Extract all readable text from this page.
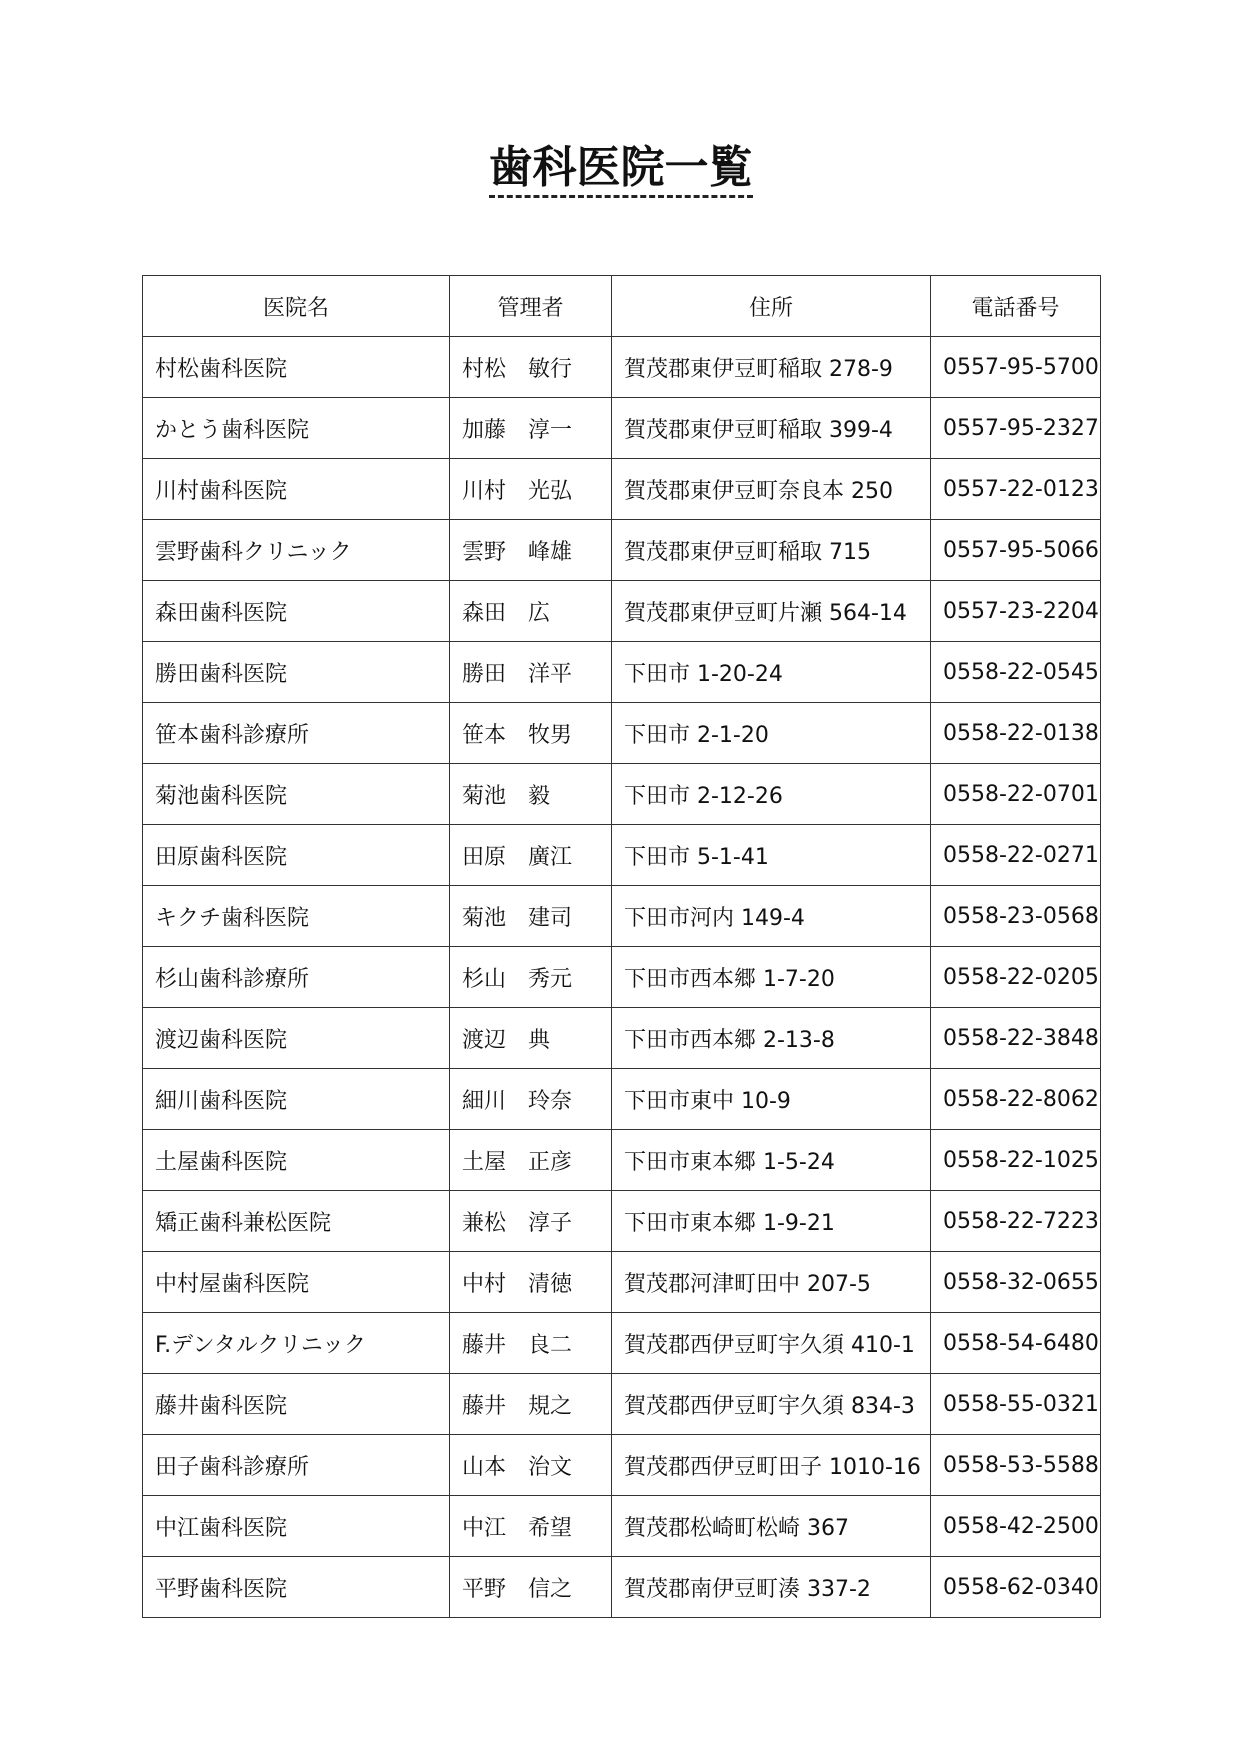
歯科医院一覧
医院名	管理者	住所	電話番号
村松歯科医院	村松　敏行	賀茂郡東伊豆町稲取 278-9	0557-95-5700
かとう歯科医院	加藤　淳一	賀茂郡東伊豆町稲取 399-4	0557-95-2327
川村歯科医院	川村　光弘	賀茂郡東伊豆町奈良本 250	0557-22-0123
雲野歯科クリニック	雲野　峰雄	賀茂郡東伊豆町稲取 715	0557-95-5066
森田歯科医院	森田　広	賀茂郡東伊豆町片瀬 564-14	0557-23-2204
勝田歯科医院	勝田　洋平	下田市 1-20-24	0558-22-0545
笹本歯科診療所	笹本　牧男	下田市 2-1-20	0558-22-0138
菊池歯科医院	菊池　毅	下田市 2-12-26	0558-22-0701
田原歯科医院	田原　廣江	下田市 5-1-41	0558-22-0271
キクチ歯科医院	菊池　建司	下田市河内 149-4	0558-23-0568
杉山歯科診療所	杉山　秀元	下田市西本郷 1-7-20	0558-22-0205
渡辺歯科医院	渡辺　典	下田市西本郷 2-13-8	0558-22-3848
細川歯科医院	細川　玲奈	下田市東中 10-9	0558-22-8062
土屋歯科医院	土屋　正彦	下田市東本郷 1-5-24	0558-22-1025
矯正歯科兼松医院	兼松　淳子	下田市東本郷 1-9-21	0558-22-7223
中村屋歯科医院	中村　清徳	賀茂郡河津町田中 207-5	0558-32-0655
F.デンタルクリニック	藤井　良二	賀茂郡西伊豆町宇久須 410-1	0558-54-6480
藤井歯科医院	藤井　規之	賀茂郡西伊豆町宇久須 834-3	0558-55-0321
田子歯科診療所	山本　治文	賀茂郡西伊豆町田子 1010-16	0558-53-5588
中江歯科医院	中江　希望	賀茂郡松崎町松崎 367	0558-42-2500
平野歯科医院	平野　信之	賀茂郡南伊豆町湊 337-2	0558-62-0340
